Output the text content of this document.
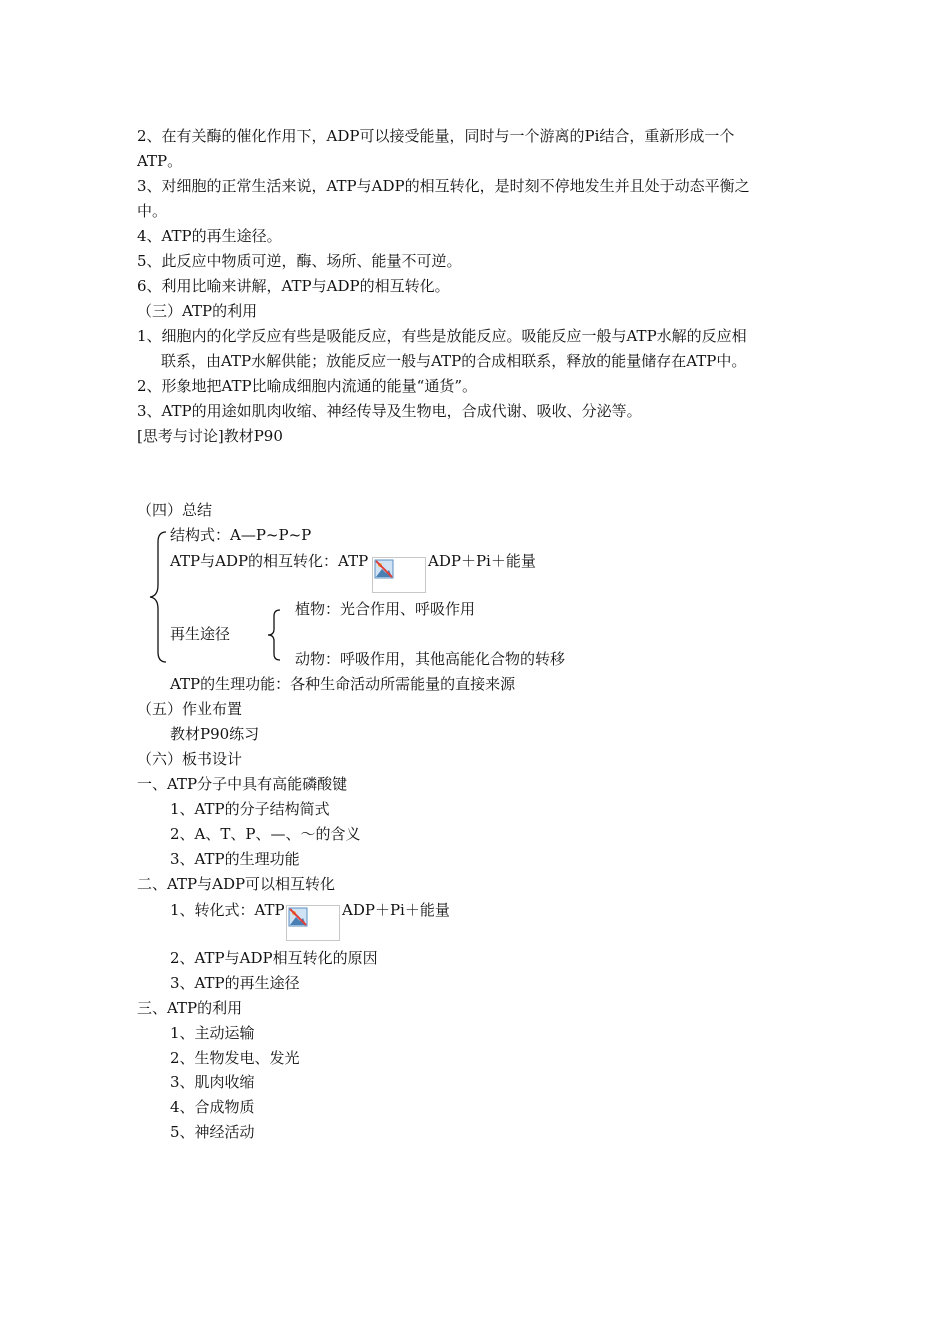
2、在有关酶的催化作用下，ADP可以接受能量，同时与一个游离的Pi结合，重新形成一个
ATP。
3、对细胞的正常生活来说，ATP与ADP的相互转化，是时刻不停地发生并且处于动态平衡之
中。
4、ATP的再生途径。
5、此反应中物质可逆，酶、场所、能量不可逆。
6、利用比喻来讲解，ATP与ADP的相互转化。
（三）ATP的利用
1、细胞内的化学反应有些是吸能反应，有些是放能反应。吸能反应一般与ATP水解的反应相
联系，由ATP水解供能；放能反应一般与ATP的合成相联系，释放的能量储存在ATP中。
2、形象地把ATP比喻成细胞内流通的能量“通货”。
3、ATP的用途如肌肉收缩、神经传导及生物电，合成代谢、吸收、分泌等。
[思考与讨论]教材P90
（四）总结
结构式：A—P~P~P
ATP与ADP的相互转化：ATP	ADP＋Pi＋能量
再生途径
植物：光合作用、呼吸作用
动物：呼吸作用，其他高能化合物的转移
ATP的生理功能：各种生命活动所需能量的直接来源
（五）作业布置
教材P90练习
（六）板书设计
一、ATP分子中具有高能磷酸键
1、ATP的分子结构简式
2、A、T、P、—、～的含义
3、ATP的生理功能
二、ATP与ADP可以相互转化
1、转化式：ATP	ADP＋Pi＋能量
2、ATP与ADP相互转化的原因
3、ATP的再生途径
三、ATP的利用
1、主动运输
2、生物发电、发光
3、肌肉收缩
4、合成物质
5、神经活动
